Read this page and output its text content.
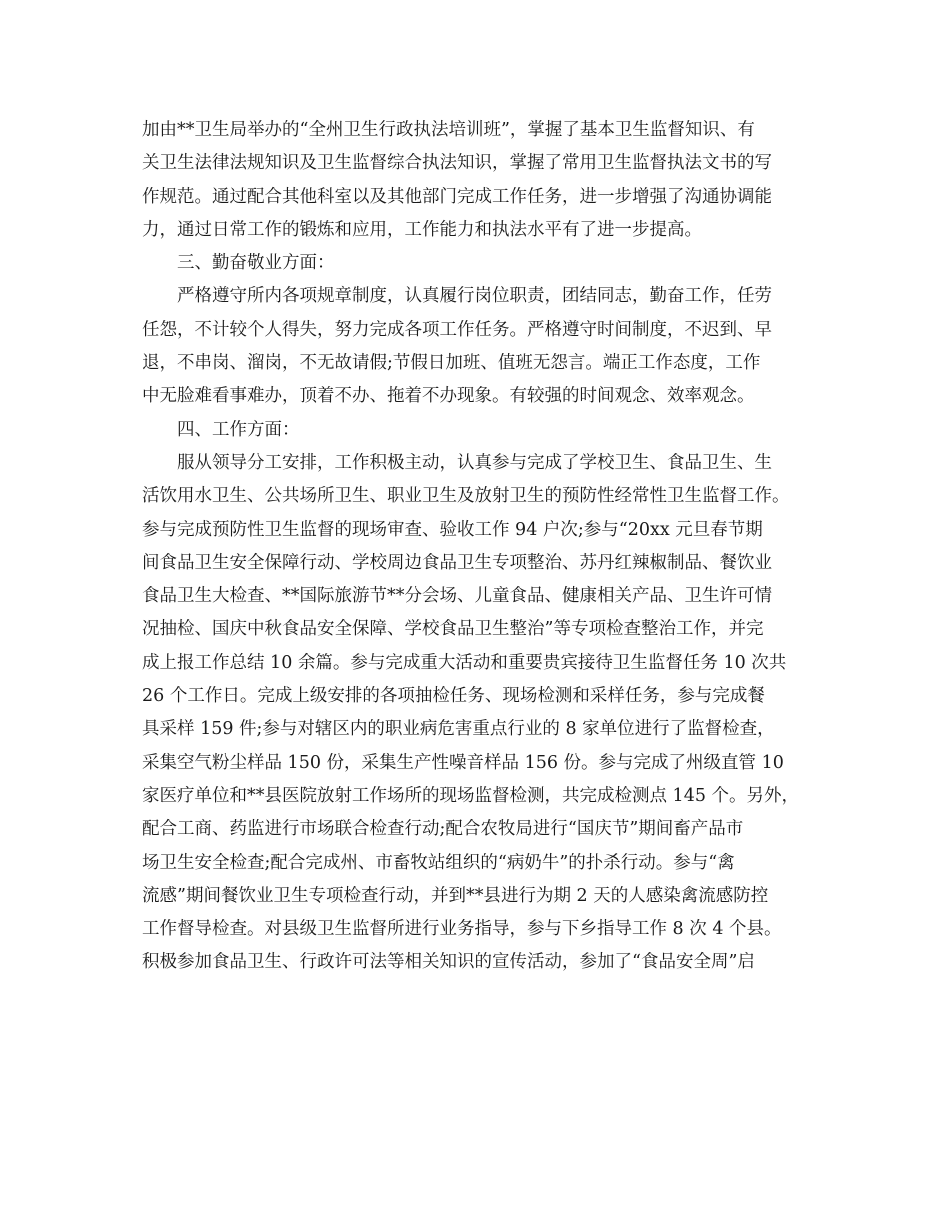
加由**卫生局举办的“全州卫生行政执法培训班”，掌握了基本卫生监督知识、有
关卫生法律法规知识及卫生监督综合执法知识，掌握了常用卫生监督执法文书的写
作规范。通过配合其他科室以及其他部门完成工作任务，进一步增强了沟通协调能
力，通过日常工作的锻炼和应用，工作能力和执法水平有了进一步提高。
三、勤奋敬业方面：
严格遵守所内各项规章制度，认真履行岗位职责，团结同志，勤奋工作，任劳
任怨，不计较个人得失，努力完成各项工作任务。严格遵守时间制度，不迟到、早
退，不串岗、溜岗，不无故请假;节假日加班、值班无怨言。端正工作态度，工作
中无脸难看事难办，顶着不办、拖着不办现象。有较强的时间观念、效率观念。
四、工作方面：
服从领导分工安排，工作积极主动，认真参与完成了学校卫生、食品卫生、生
活饮用水卫生、公共场所卫生、职业卫生及放射卫生的预防性经常性卫生监督工作。
参与完成预防性卫生监督的现场审查、验收工作 94 户次;参与“20xx 元旦春节期
间食品卫生安全保障行动、学校周边食品卫生专项整治、苏丹红辣椒制品、餐饮业
食品卫生大检查、**国际旅游节**分会场、儿童食品、健康相关产品、卫生许可情
况抽检、国庆中秋食品安全保障、学校食品卫生整治”等专项检查整治工作，并完
成上报工作总结 10 余篇。参与完成重大活动和重要贵宾接待卫生监督任务 10 次共
26 个工作日。完成上级安排的各项抽检任务、现场检测和采样任务，参与完成餐
具采样 159 件;参与对辖区内的职业病危害重点行业的 8 家单位进行了监督检查，
采集空气粉尘样品 150 份，采集生产性噪音样品 156 份。参与完成了州级直管 10
家医疗单位和**县医院放射工作场所的现场监督检测，共完成检测点 145 个。另外，
配合工商、药监进行市场联合检查行动;配合农牧局进行“国庆节”期间畜产品市
场卫生安全检查;配合完成州、市畜牧站组织的“病奶牛”的扑杀行动。参与“禽
流感”期间餐饮业卫生专项检查行动，并到**县进行为期 2 天的人感染禽流感防控
工作督导检查。对县级卫生监督所进行业务指导，参与下乡指导工作 8 次 4 个县。
积极参加食品卫生、行政许可法等相关知识的宣传活动，参加了“食品安全周”启
